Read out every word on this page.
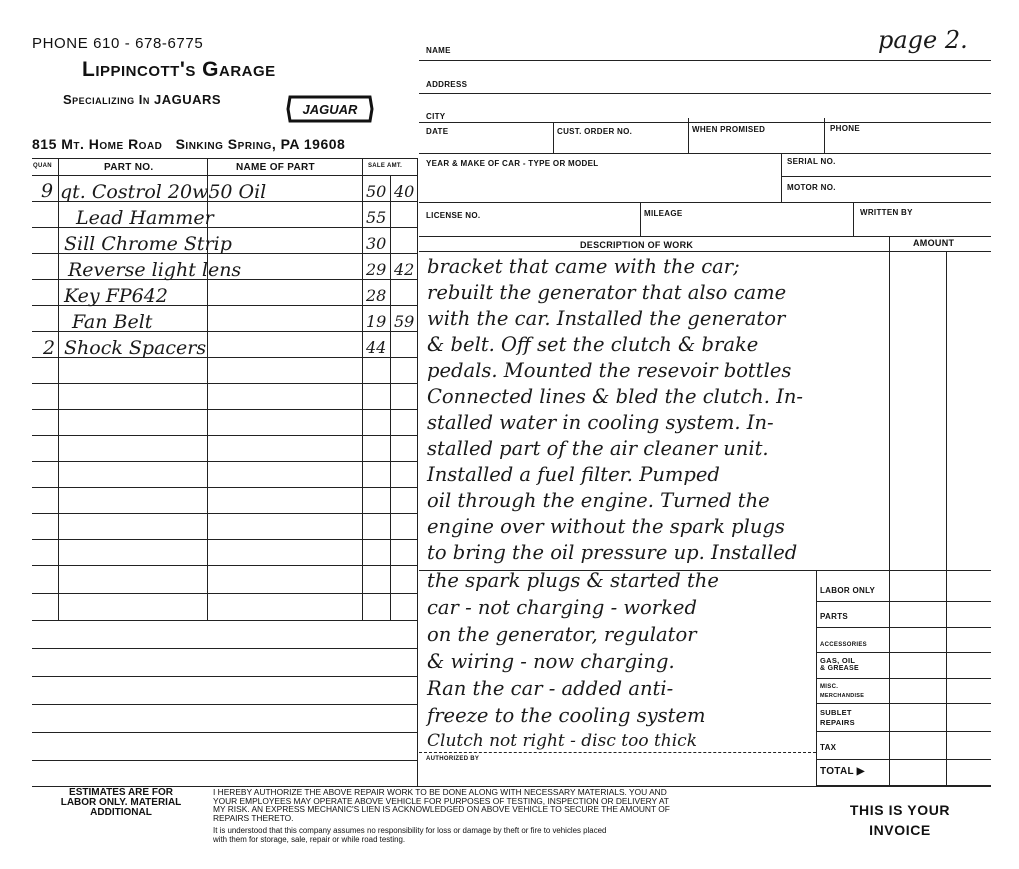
PHONE 610 - 678-6775
Lippincott's Garage
Specializing In JAGUARS
JAGUAR
815 Mt. Home Road   Sinking Spring, PA 19608
page 2.
QUAN	PART NO.	NAME OF PART	SALE AMT.
9 qt. Costrol 20w50 Oil	50 40
Lead Hammer	55
Sill Chrome Strip	30
Reverse light lens	29 42
Key FP642	28
Fan Belt	19 59
2 Shock Spacers	44
NAME
ADDRESS
CITY
DATE	CUST. ORDER NO.	WHEN PROMISED	PHONE
YEAR & MAKE OF CAR - TYPE OR MODEL	SERIAL NO.
MOTOR NO.
LICENSE NO.	MILEAGE	WRITTEN BY
DESCRIPTION OF WORK	AMOUNT
bracket that came with the car;
rebuilt the generator that also came
with the car. Installed the generator
& belt. Off set the clutch & brake
pedals. Mounted the resevoir bottles
Connected lines & bled the clutch. In-
stalled water in cooling system. In-
stalled part of the air cleaner unit.
Installed a fuel filter. Pumped
oil through the engine. Turned the
engine over without the spark plugs
to bring the oil pressure up. Installed
the spark plugs & started the
car - not charging - worked
on the generator, regulator
& wiring - now charging.
Ran the car - added anti-
freeze to the cooling system
Clutch not right - disc too thick
AUTHORIZED BY
LABOR ONLY
PARTS
ACCESSORIES
GAS, OIL
& GREASE
MISC.
MERCHANDISE
SUBLET
REPAIRS
TAX
TOTAL ▶
ESTIMATES ARE FOR
LABOR ONLY. MATERIAL
ADDITIONAL
I HEREBY AUTHORIZE THE ABOVE REPAIR WORK TO BE DONE ALONG WITH NECESSARY MATERIALS. YOU AND
YOUR EMPLOYEES MAY OPERATE ABOVE VEHICLE FOR PURPOSES OF TESTING, INSPECTION OR DELIVERY AT
MY RISK. AN EXPRESS MECHANIC'S LIEN IS ACKNOWLEDGED ON ABOVE VEHICLE TO SECURE THE AMOUNT OF
REPAIRS THERETO.
It is understood that this company assumes no responsibility for loss or damage by theft or fire to vehicles placed
with them for storage, sale, repair or while road testing.
THIS IS YOUR
INVOICE
